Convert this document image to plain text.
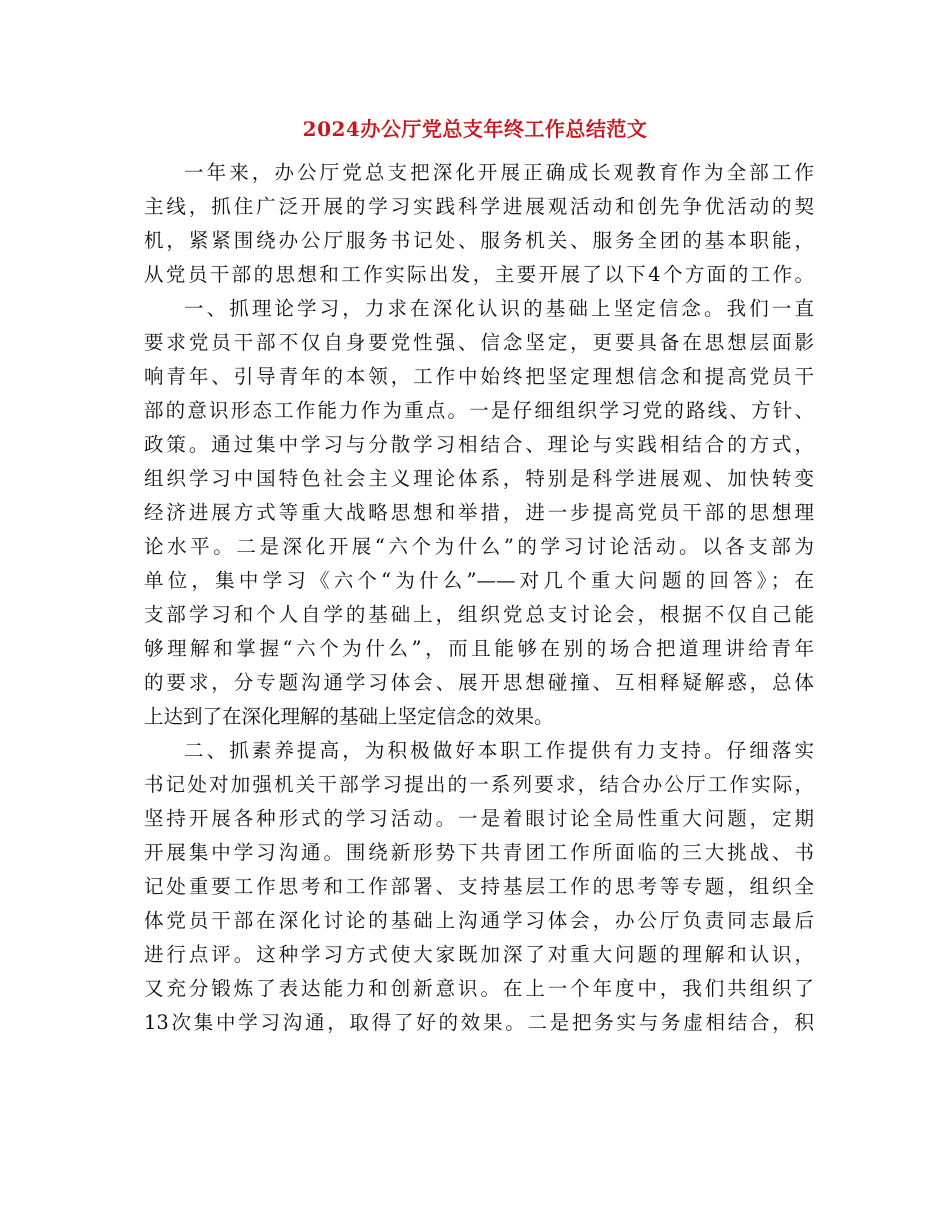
2024办公厅党总支年终工作总结范文
一年来，办公厅党总支把深化开展正确成长观教育作为全部工作
主线，抓住广泛开展的学习实践科学进展观活动和创先争优活动的契
机，紧紧围绕办公厅服务书记处、服务机关、服务全团的基本职能，
从党员干部的思想和工作实际出发，主要开展了以下4个方面的工作。
一、抓理论学习，力求在深化认识的基础上坚定信念。我们一直
要求党员干部不仅自身要党性强、信念坚定，更要具备在思想层面影
响青年、引导青年的本领，工作中始终把坚定理想信念和提高党员干
部的意识形态工作能力作为重点。一是仔细组织学习党的路线、方针、
政策。通过集中学习与分散学习相结合、理论与实践相结合的方式，
组织学习中国特色社会主义理论体系，特别是科学进展观、加快转变
经济进展方式等重大战略思想和举措，进一步提高党员干部的思想理
论水平。二是深化开展“六个为什么”的学习讨论活动。以各支部为
单位，集中学习《六个“为什么”——对几个重大问题的回答》；在
支部学习和个人自学的基础上，组织党总支讨论会，根据不仅自己能
够理解和掌握“六个为什么”，而且能够在别的场合把道理讲给青年
的要求，分专题沟通学习体会、展开思想碰撞、互相释疑解惑，总体
上达到了在深化理解的基础上坚定信念的效果。
二、抓素养提高，为积极做好本职工作提供有力支持。仔细落实
书记处对加强机关干部学习提出的一系列要求，结合办公厅工作实际，
坚持开展各种形式的学习活动。一是着眼讨论全局性重大问题，定期
开展集中学习沟通。围绕新形势下共青团工作所面临的三大挑战、书
记处重要工作思考和工作部署、支持基层工作的思考等专题，组织全
体党员干部在深化讨论的基础上沟通学习体会，办公厅负责同志最后
进行点评。这种学习方式使大家既加深了对重大问题的理解和认识，
又充分锻炼了表达能力和创新意识。在上一个年度中，我们共组织了
13次集中学习沟通，取得了好的效果。二是把务实与务虚相结合，积
